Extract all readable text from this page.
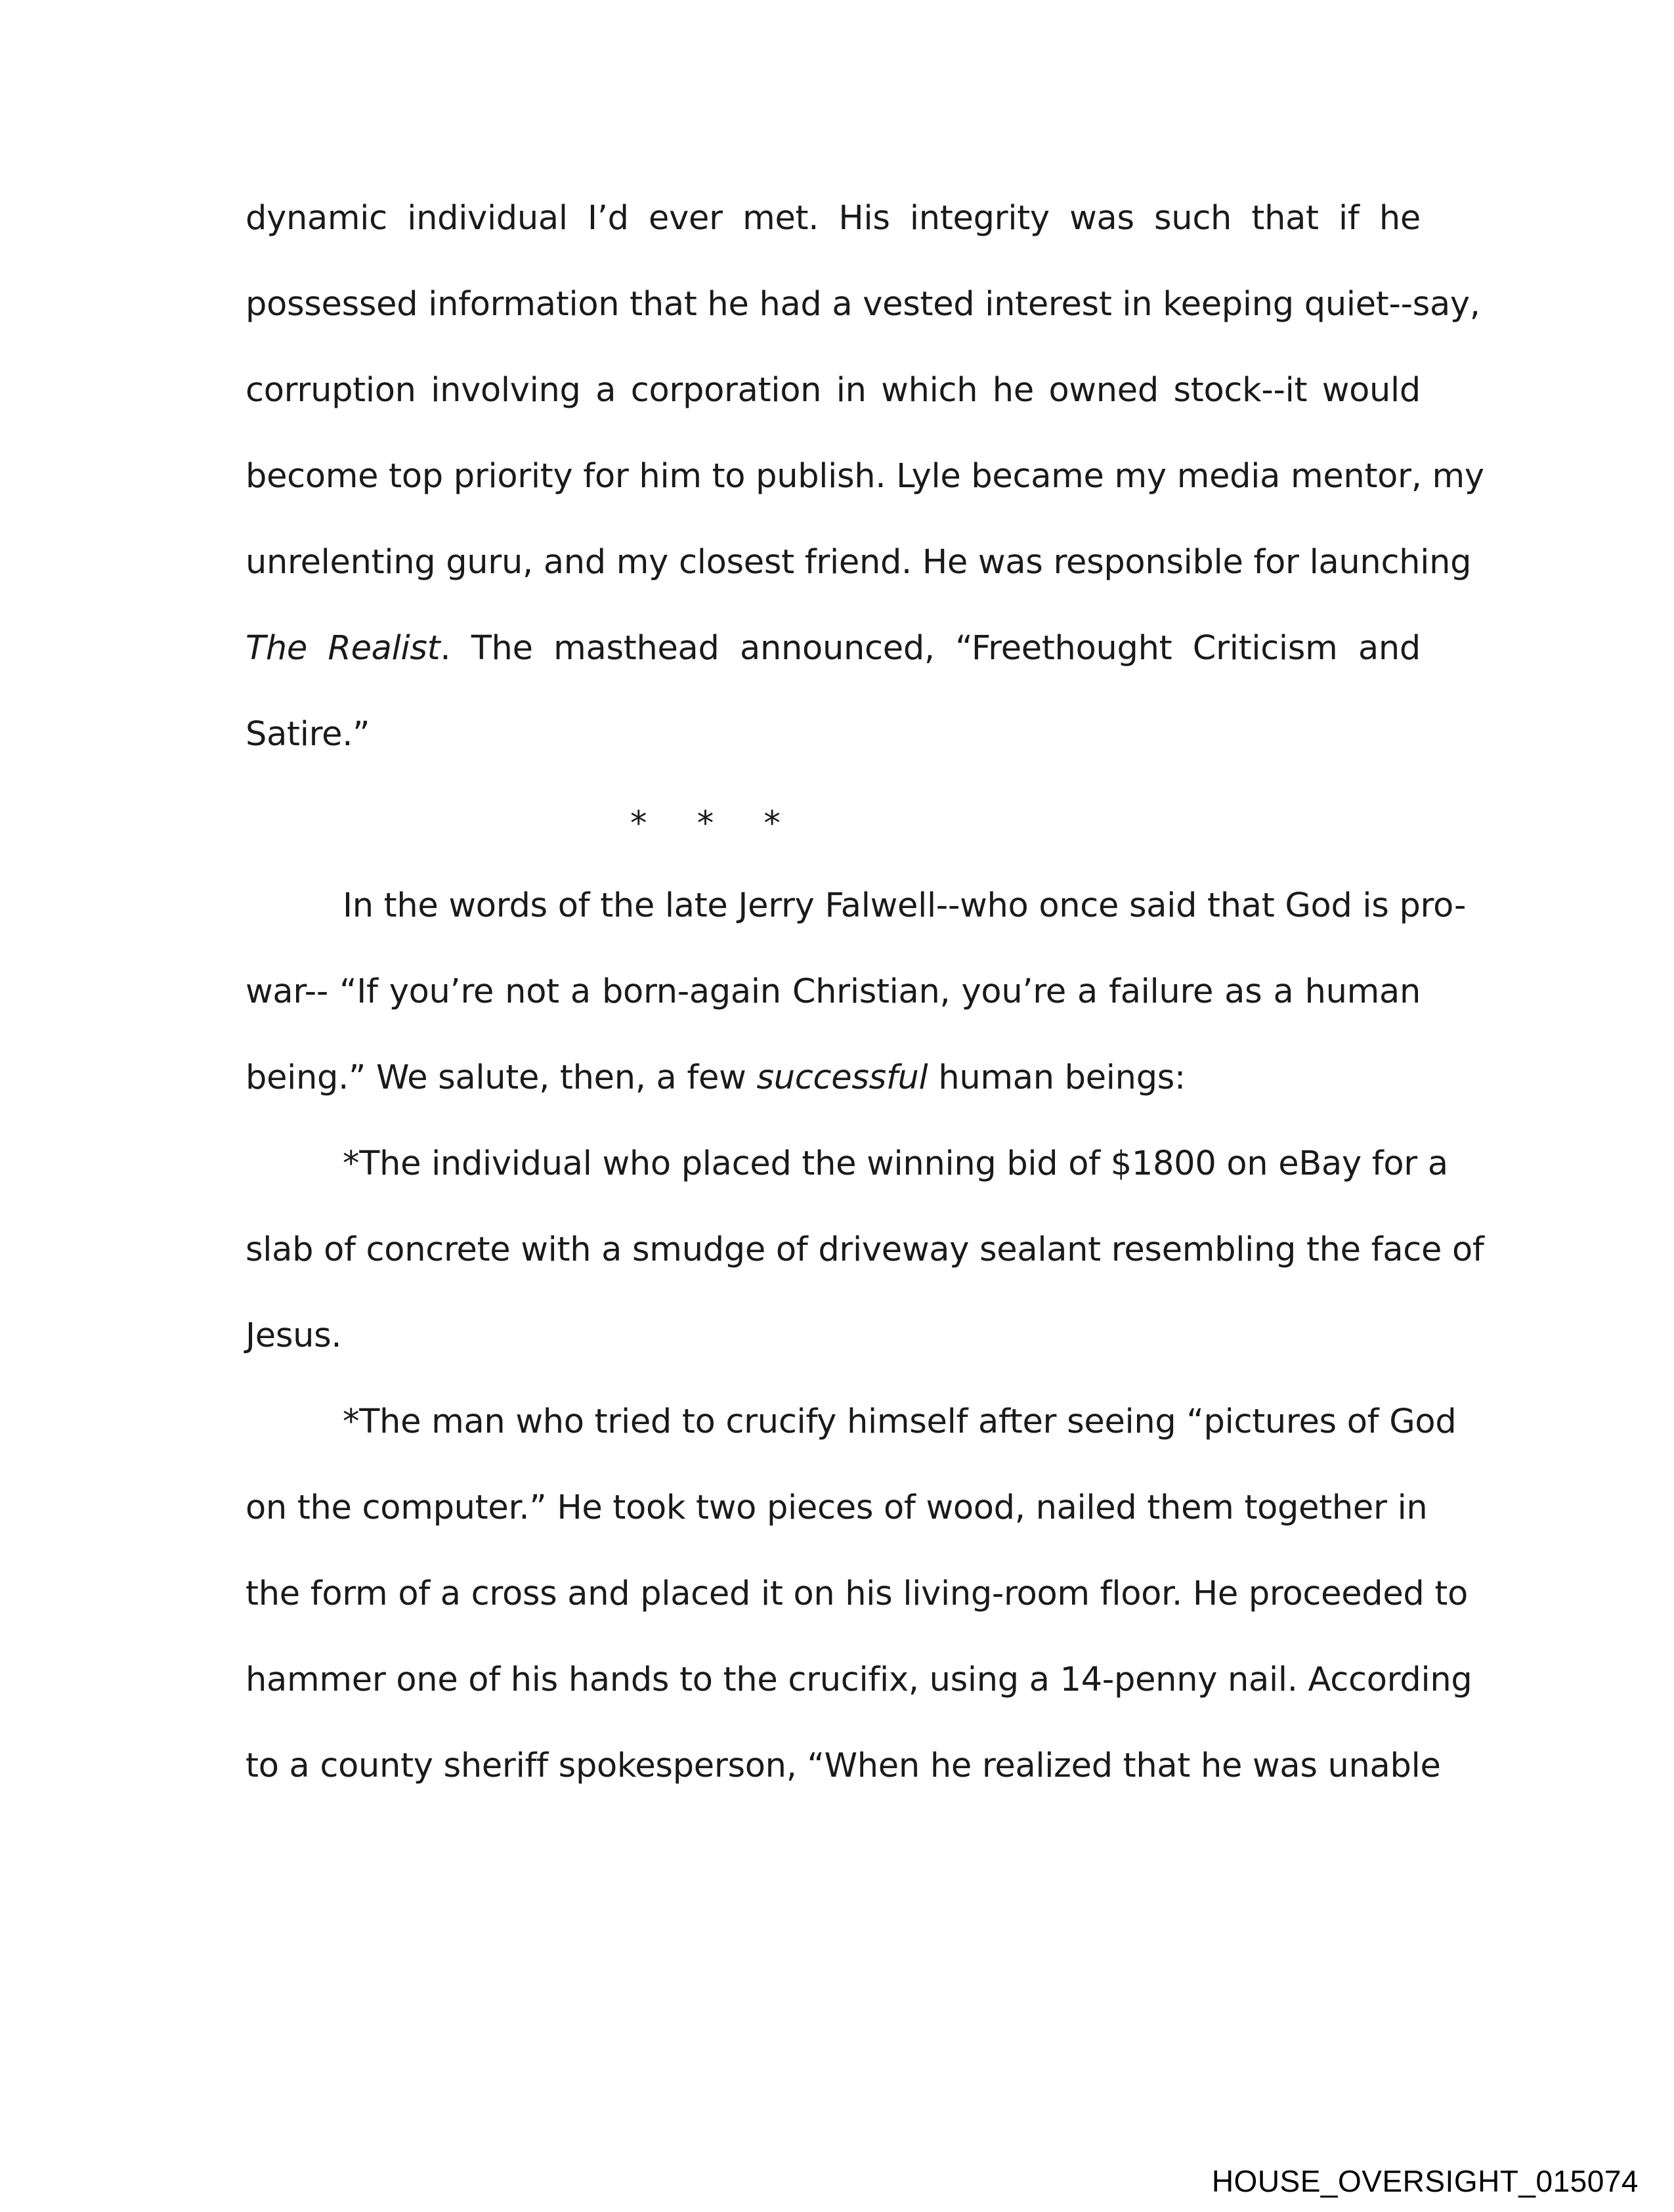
dynamic individual I’d ever met. His integrity was such that if he
possessed information that he had a vested interest in keeping quiet--say,
corruption involving a corporation in which he owned stock--it would
become top priority for him to publish. Lyle became my media mentor, my
unrelenting guru, and my closest friend. He was responsible for launching
The Realist. The masthead announced, “Freethought Criticism and
Satire.”
* * *
In the words of the late Jerry Falwell--who once said that God is pro-
war-- “If you’re not a born-again Christian, you’re a failure as a human
being.” We salute, then, a few successful human beings:
*The individual who placed the winning bid of $1800 on eBay for a
slab of concrete with a smudge of driveway sealant resembling the face of
Jesus.
*The man who tried to crucify himself after seeing “pictures of God
on the computer.” He took two pieces of wood, nailed them together in
the form of a cross and placed it on his living-room floor. He proceeded to
hammer one of his hands to the crucifix, using a 14-penny nail. According
to a county sheriff spokesperson, “When he realized that he was unable
HOUSE_OVERSIGHT_015074
